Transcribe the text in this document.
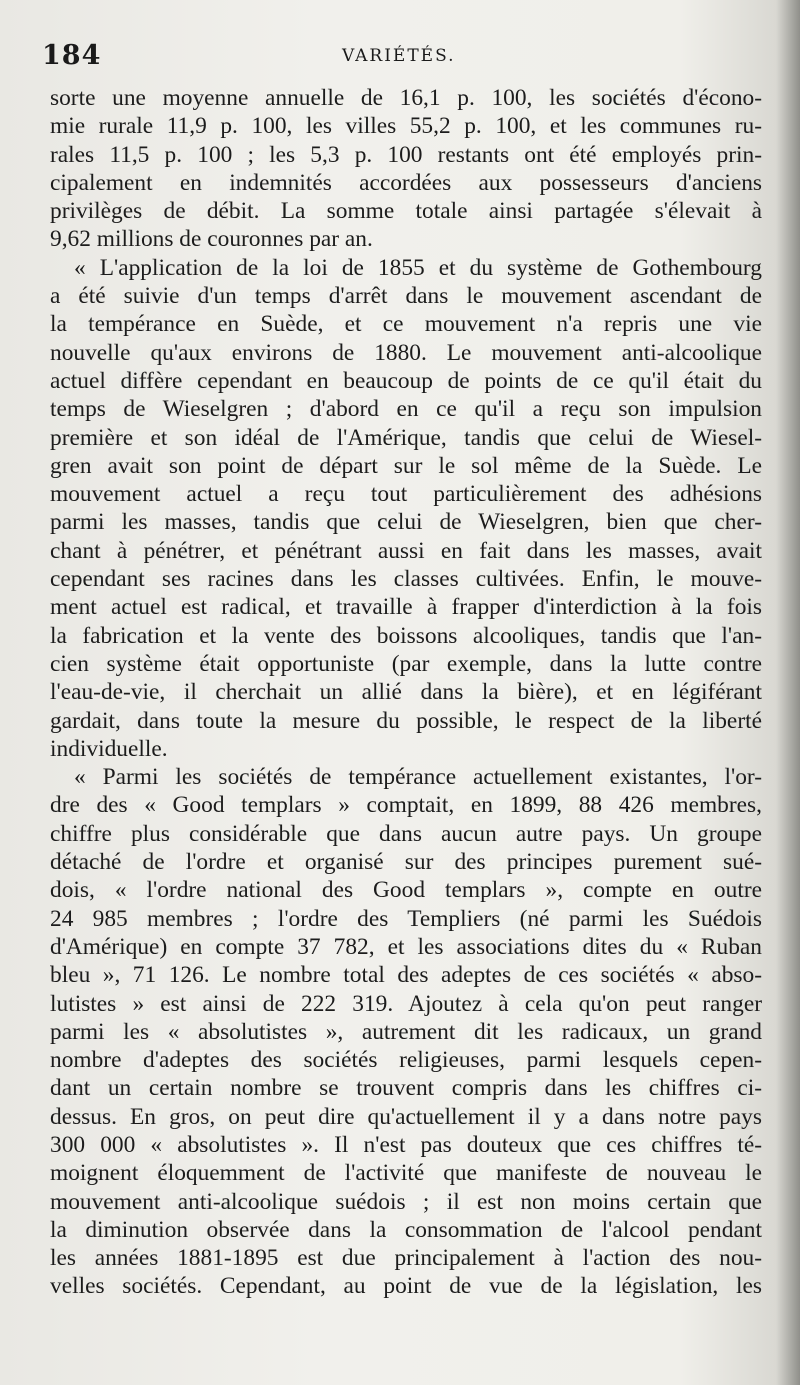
184	VARIÉTÉS.
sorte une moyenne annuelle de 16,1 p. 100, les sociétés d'écono-
mie rurale 11,9 p. 100, les villes 55,2 p. 100, et les communes ru-
rales 11,5 p. 100 ; les 5,3 p. 100 restants ont été employés prin-
cipalement en indemnités accordées aux possesseurs d'anciens
privilèges de débit. La somme totale ainsi partagée s'élevait à
9,62 millions de couronnes par an.
« L'application de la loi de 1855 et du système de Gothembourg
a été suivie d'un temps d'arrêt dans le mouvement ascendant de
la tempérance en Suède, et ce mouvement n'a repris une vie
nouvelle qu'aux environs de 1880. Le mouvement anti-alcoolique
actuel diffère cependant en beaucoup de points de ce qu'il était du
temps de Wieselgren ; d'abord en ce qu'il a reçu son impulsion
première et son idéal de l'Amérique, tandis que celui de Wiesel-
gren avait son point de départ sur le sol même de la Suède. Le
mouvement actuel a reçu tout particulièrement des adhésions
parmi les masses, tandis que celui de Wieselgren, bien que cher-
chant à pénétrer, et pénétrant aussi en fait dans les masses, avait
cependant ses racines dans les classes cultivées. Enfin, le mouve-
ment actuel est radical, et travaille à frapper d'interdiction à la fois
la fabrication et la vente des boissons alcooliques, tandis que l'an-
cien système était opportuniste (par exemple, dans la lutte contre
l'eau-de-vie, il cherchait un allié dans la bière), et en légiférant
gardait, dans toute la mesure du possible, le respect de la liberté
individuelle.
« Parmi les sociétés de tempérance actuellement existantes, l'or-
dre des « Good templars » comptait, en 1899, 88 426 membres,
chiffre plus considérable que dans aucun autre pays. Un groupe
détaché de l'ordre et organisé sur des principes purement sué-
dois, « l'ordre national des Good templars », compte en outre
24 985 membres ; l'ordre des Templiers (né parmi les Suédois
d'Amérique) en compte 37 782, et les associations dites du « Ruban
bleu », 71 126. Le nombre total des adeptes de ces sociétés « abso-
lutistes » est ainsi de 222 319. Ajoutez à cela qu'on peut ranger
parmi les « absolutistes », autrement dit les radicaux, un grand
nombre d'adeptes des sociétés religieuses, parmi lesquels cepen-
dant un certain nombre se trouvent compris dans les chiffres ci-
dessus. En gros, on peut dire qu'actuellement il y a dans notre pays
300 000 « absolutistes ». Il n'est pas douteux que ces chiffres té-
moignent éloquemment de l'activité que manifeste de nouveau le
mouvement anti-alcoolique suédois ; il est non moins certain que
la diminution observée dans la consommation de l'alcool pendant
les années 1881-1895 est due principalement à l'action des nou-
velles sociétés. Cependant, au point de vue de la législation, les
